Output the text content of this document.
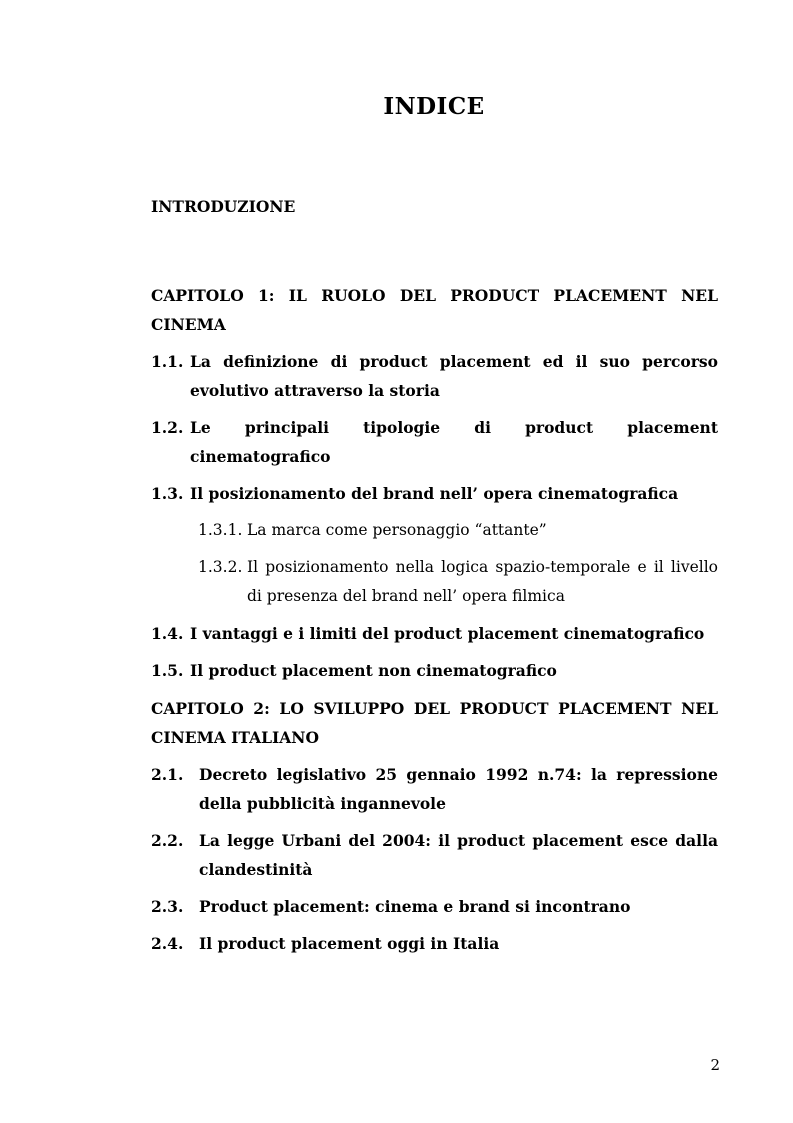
INDICE
INTRODUZIONE
CAPITOLO 1: IL RUOLO DEL PRODUCT PLACEMENT NEL CINEMA
1.1. La definizione di product placement ed il suo percorso evolutivo attraverso la storia
1.2. Le principali tipologie di product placement cinematografico
1.3. Il posizionamento del brand nell’ opera cinematografica
1.3.1. La marca come personaggio “attante”
1.3.2. Il posizionamento nella logica spazio-temporale e il livello di presenza del brand nell’ opera filmica
1.4. I vantaggi e i limiti del product placement cinematografico
1.5. Il product placement non cinematografico
CAPITOLO 2: LO SVILUPPO DEL PRODUCT PLACEMENT NEL CINEMA ITALIANO
2.1.	Decreto legislativo 25 gennaio 1992 n.74: la repressione della pubblicità ingannevole
2.2.	La legge Urbani del 2004: il product placement esce dalla clandestinità
2.3.	Product placement: cinema e brand si incontrano
2.4.	Il product placement oggi in Italia
2
